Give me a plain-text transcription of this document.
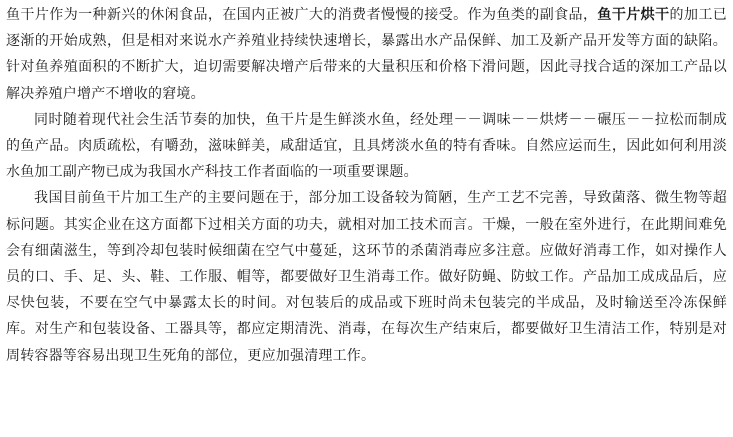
鱼干片作为一种新兴的休闲食品，在国内正被广大的消费者慢慢的接受。作为鱼类的副食品，鱼干片烘干的加工已逐渐的开始成熟，但是相对来说水产养殖业持续快速增长，暴露出水产品保鲜、加工及新产品开发等方面的缺陷。针对鱼养殖面积的不断扩大，迫切需要解决增产后带来的大量积压和价格下滑问题，因此寻找合适的深加工产品以解决养殖户增产不增收的窘境。

同时随着现代社会生活节奏的加快，鱼干片是生鲜淡水鱼，经处理－－调味－－烘烤－－碾压－－拉松而制成的鱼产品。肉质疏松，有嚼劲，滋味鲜美，咸甜适宜，且具烤淡水鱼的特有香味。自然应运而生，因此如何利用淡水鱼加工副产物已成为我国水产科技工作者面临的一项重要课题。

我国目前鱼干片加工生产的主要问题在于，部分加工设备较为简陋，生产工艺不完善，导致菌落、微生物等超标问题。其实企业在这方面都下过相关方面的功夫，就相对加工技术而言。干燥，一般在室外进行，在此期间难免会有细菌滋生，等到冷却包装时候细菌在空气中蔓延，这环节的杀菌消毒应多注意。应做好消毒工作，如对操作人员的口、手、足、头、鞋、工作服、帽等，都要做好卫生消毒工作。做好防蝇、防蚊工作。产品加工成成品后，应尽快包装，不要在空气中暴露太长的时间。对包装后的成品或下班时尚未包装完的半成品，及时输送至冷冻保鲜库。对生产和包装设备、工器具等，都应定期清洗、消毒，在每次生产结束后，都要做好卫生清洁工作，特别是对周转容器等容易出现卫生死角的部位，更应加强清理工作。
